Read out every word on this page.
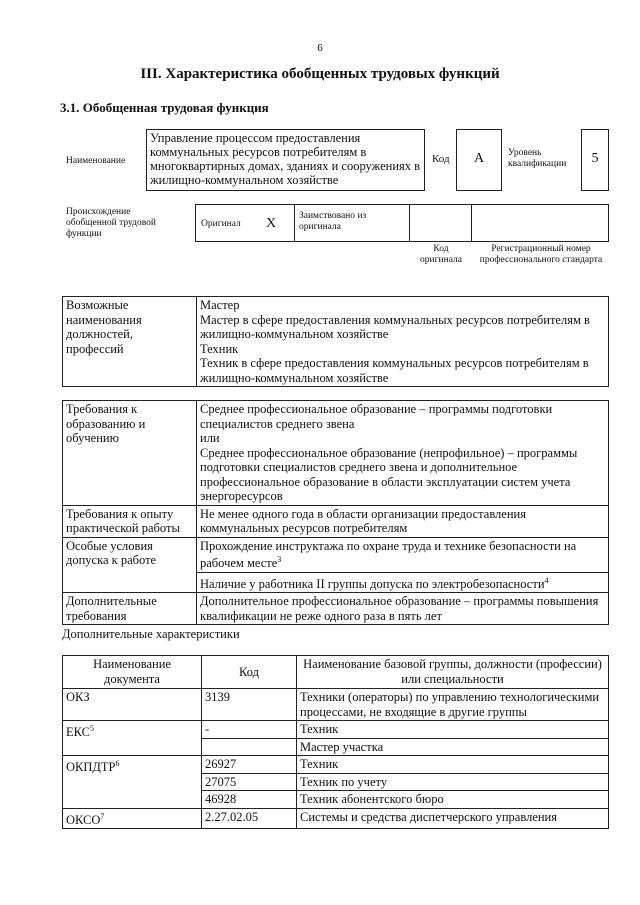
6
III. Характеристика обобщенных трудовых функций
3.1. Обобщенная трудовая функция
Наименование
Управление процессом предоставления коммунальных ресурсов потребителям в многоквартирных домах, зданиях и сооружениях в жилищно-коммунальном хозяйстве
Код	A	Уровень квалификации	5
Происхождение обобщенной трудовой функции
Оригинал X	Заимствовано из оригинала
Код оригинала
Регистрационный номер профессионального стандарта
Возможные наименования должностей, профессий	
Мастер
Мастер в сфере предоставления коммунальных ресурсов потребителям в жилищно-коммунальном хозяйстве
Техник
Техник в сфере предоставления коммунальных ресурсов потребителям в жилищно-коммунальном хозяйстве
Требования к образованию и обучению	Среднее профессиональное образование – программы подготовки специалистов среднего звена
или
Среднее профессиональное образование (непрофильное) – программы подготовки специалистов среднего звена и дополнительное профессиональное образование в области эксплуатации систем учета энергоресурсов

Требования к опыту практической работы	Не менее одного года в области организации предоставления коммунальных ресурсов потребителям
Особые условия допуска к работе	Прохождение инструктажа по охране труда и технике безопасности на рабочем месте$^3$
Наличие у работника II группы допуска по электробезопасности$^4$

Дополнительные требования	Дополнительное профессиональное образование – программы повышения квалификации не реже одного раза в пять лет
Дополнительные характеристики
Наименование документа	Код	Наименование базовой группы, должности (профессии) или специальности
ОКЗ	3139	Техники (операторы) по управлению технологическими процессами, не входящие в другие группы
ЕКС$^5$	-	Техник
		Мастер участка
ОКПДТР$^6$	26927	Техник
	27075	Техник по учету
	46928	Техник абонентского бюро
ОКСО$^7$	2.27.02.05	Системы и средства диспетчерского управления
